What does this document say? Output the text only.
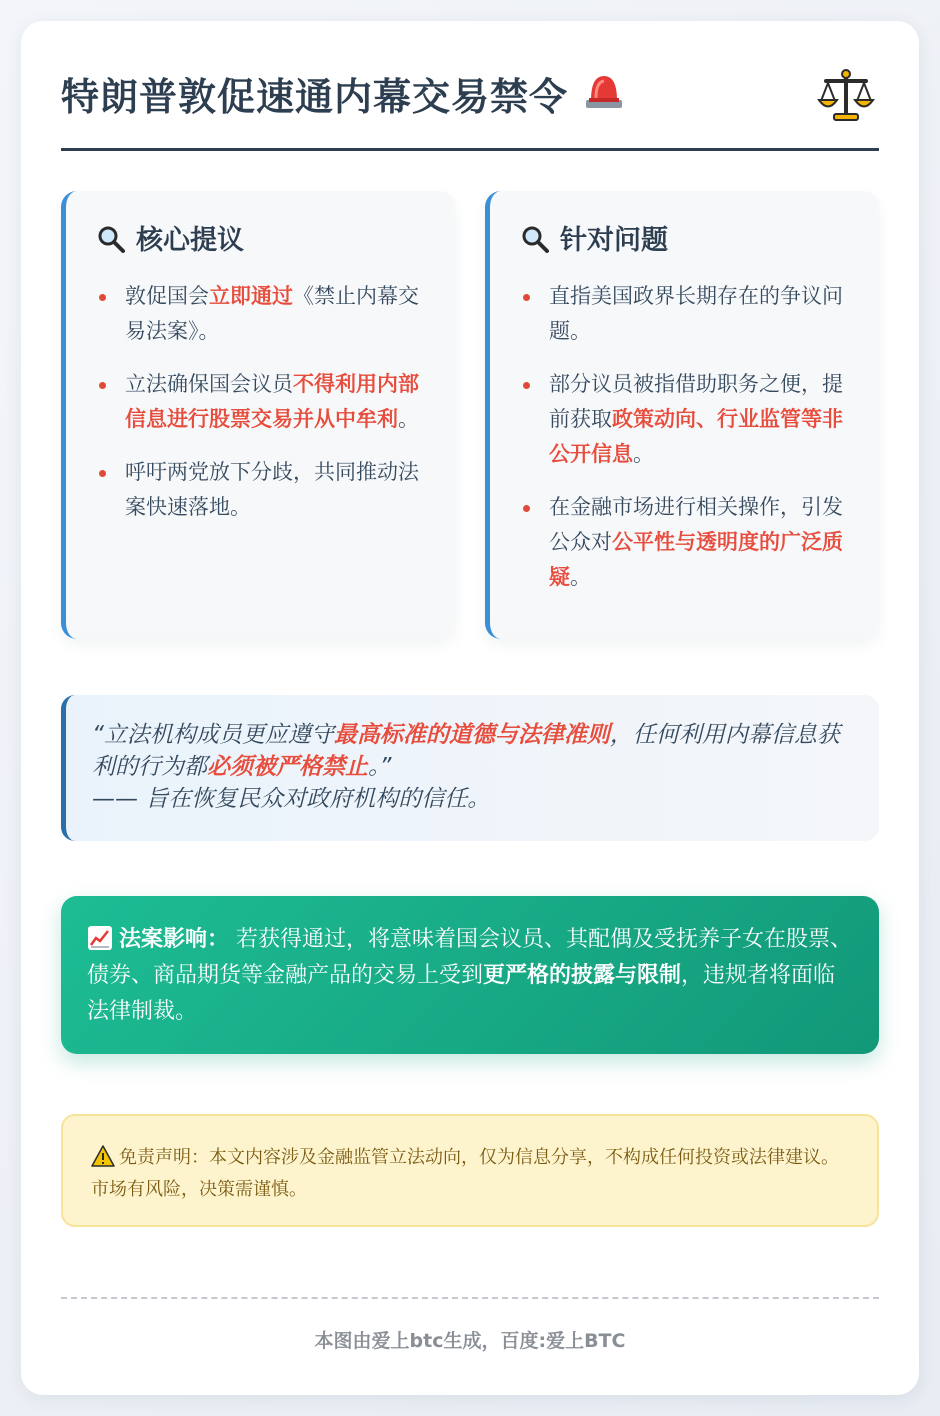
特朗普敦促速通内幕交易禁令
核心提议
敦促国会立即通过《禁止内幕交易法案》。
立法确保国会议员不得利用内部信息进行股票交易并从中牟利。
呼吁两党放下分歧，共同推动法案快速落地。
针对问题
直指美国政界长期存在的争议问题。
部分议员被指借助职务之便，提前获取政策动向、行业监管等非公开信息。
在金融市场进行相关操作，引发公众对公平性与透明度的广泛质疑。
“立法机构成员更应遵守最高标准的道德与法律准则，任何利用内幕信息获利的行为都必须被严格禁止。”
—— 旨在恢复民众对政府机构的信任。
法案影响： 若获得通过，将意味着国会议员、其配偶及受抚养子女在股票、债券、商品期货等金融产品的交易上受到更严格的披露与限制，违规者将面临法律制裁。
免责声明：本文内容涉及金融监管立法动向，仅为信息分享，不构成任何投资或法律建议。市场有风险，决策需谨慎。
本图由爱上btc生成，百度:爱上BTC
